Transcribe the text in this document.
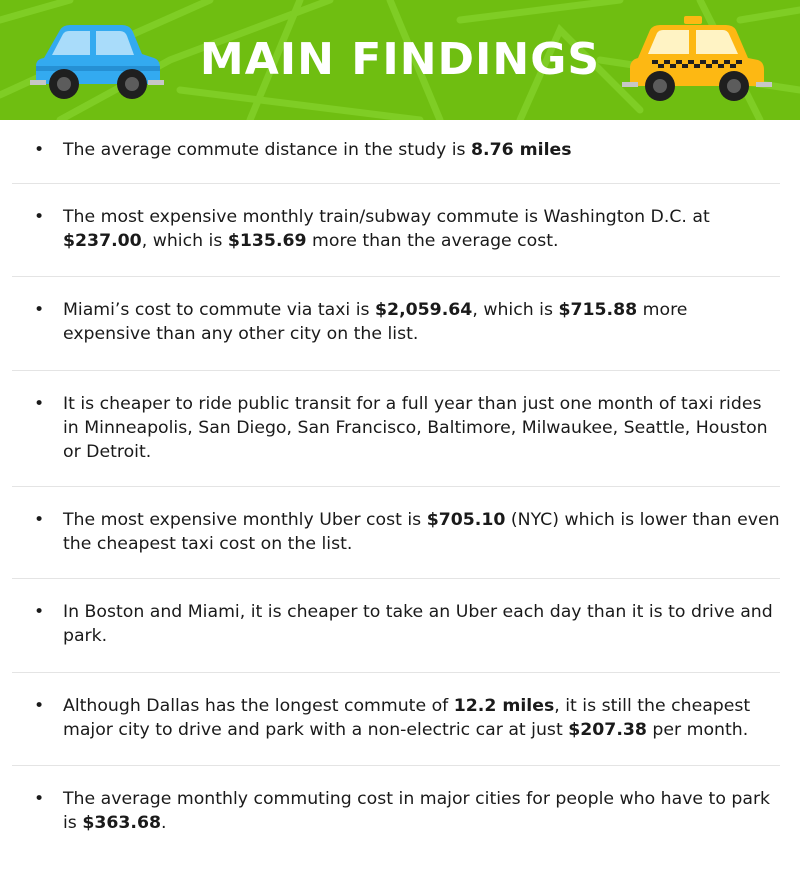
MAIN FINDINGS
• The average commute distance in the study is 8.76 miles
• The most expensive monthly train/subway commute is Washington D.C. at $237.00, which is $135.69 more than the average cost.
• Miami’s cost to commute via taxi is $2,059.64, which is $715.88 more expensive than any other city on the list.
• It is cheaper to ride public transit for a full year than just one month of taxi rides in Minneapolis, San Diego, San Francisco, Baltimore, Milwaukee, Seattle, Houston or Detroit.
• The most expensive monthly Uber cost is $705.10 (NYC) which is lower than even the cheapest taxi cost on the list.
• In Boston and Miami, it is cheaper to take an Uber each day than it is to drive and park.
• Although Dallas has the longest commute of 12.2 miles, it is still the cheapest major city to drive and park with a non-electric car at just $207.38 per month.
• The average monthly commuting cost in major cities for people who have to park is $363.68.
